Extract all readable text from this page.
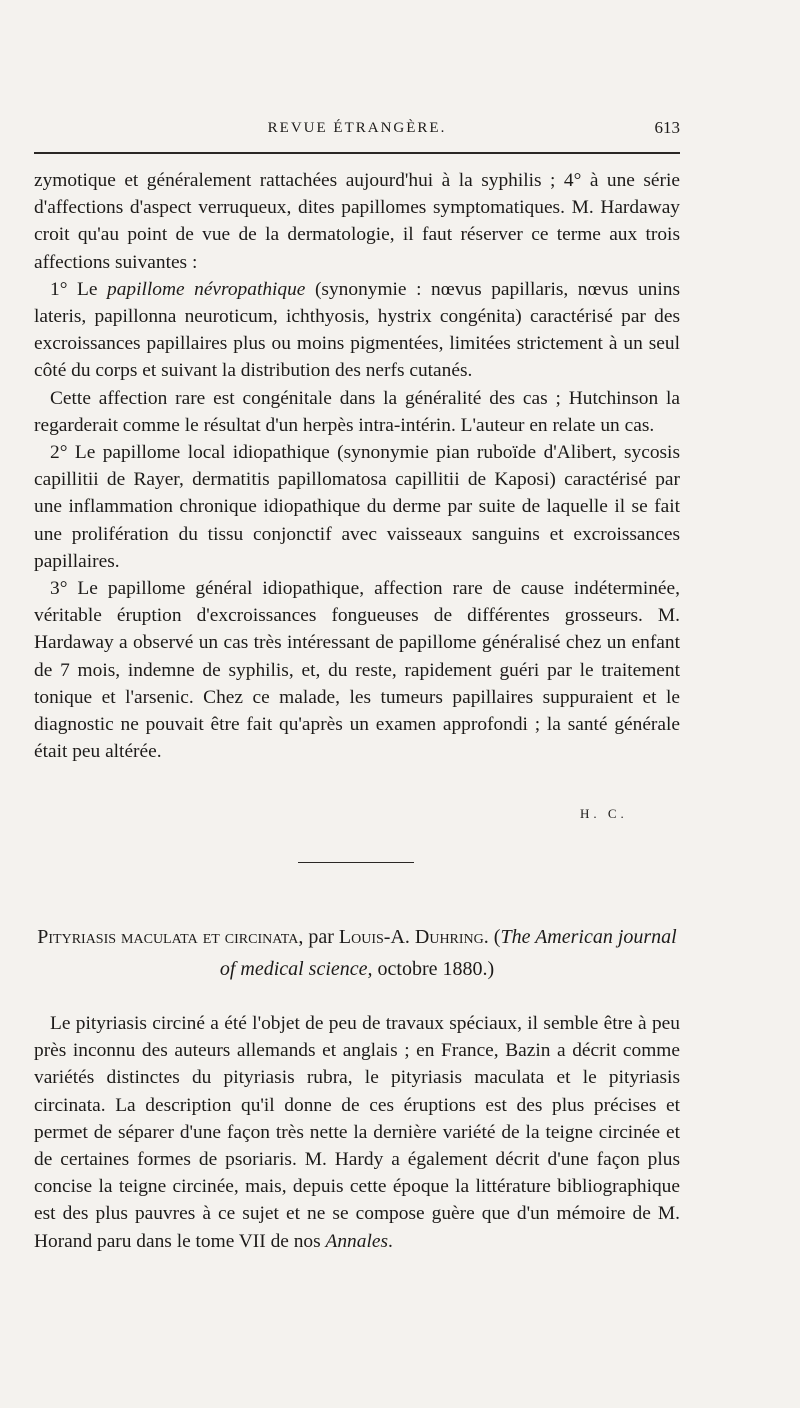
REVUE ÉTRANGÈRE.	613

zymotique et généralement rattachées aujourd'hui à la syphilis ; 4° à une série d'affections d'aspect verruqueux, dites papillomes symptomatiques. M. Hardaway croit qu'au point de vue de la dermatologie, il faut réserver ce terme aux trois affections suivantes :

1° Le papillome névropathique (synonymie : nœvus papillaris, nœvus unins lateris, papillonna neuroticum, ichthyosis, hystrix congénita) caractérisé par des excroissances papillaires plus ou moins pigmentées, limitées strictement à un seul côté du corps et suivant la distribution des nerfs cutanés.

Cette affection rare est congénitale dans la généralité des cas ; Hutchinson la regarderait comme le résultat d'un herpès intra-intérin. L'auteur en relate un cas.

2° Le papillome local idiopathique (synonymie pian ruboïde d'Alibert, sycosis capillitii de Rayer, dermatitis papillomatosa capillitii de Kaposi) caractérisé par une inflammation chronique idiopathique du derme par suite de laquelle il se fait une prolifération du tissu conjonctif avec vaisseaux sanguins et excroissances papillaires.

3° Le papillome général idiopathique, affection rare de cause indéterminée, véritable éruption d'excroissances fongueuses de différentes grosseurs. M. Hardaway a observé un cas très intéressant de papillome généralisé chez un enfant de 7 mois, indemne de syphilis, et, du reste, rapidement guéri par le traitement tonique et l'arsenic. Chez ce malade, les tumeurs papillaires suppuraient et le diagnostic ne pouvait être fait qu'après un examen approfondi ; la santé générale était peu altérée.

H. C.
Pityriasis maculata et circinata, par Louis-A. Duhring. (The American journal of medical science, octobre 1880.)

Le pityriasis circiné a été l'objet de peu de travaux spéciaux, il semble être à peu près inconnu des auteurs allemands et anglais ; en France, Bazin a décrit comme variétés distinctes du pityriasis rubra, le pityriasis maculata et le pityriasis circinata. La description qu'il donne de ces éruptions est des plus précises et permet de séparer d'une façon très nette la dernière variété de la teigne circinée et de certaines formes de psoriaris. M. Hardy a également décrit d'une façon plus concise la teigne circinée, mais, depuis cette époque la littérature bibliographique est des plus pauvres à ce sujet et ne se compose guère que d'un mémoire de M. Horand paru dans le tome VII de nos Annales.
